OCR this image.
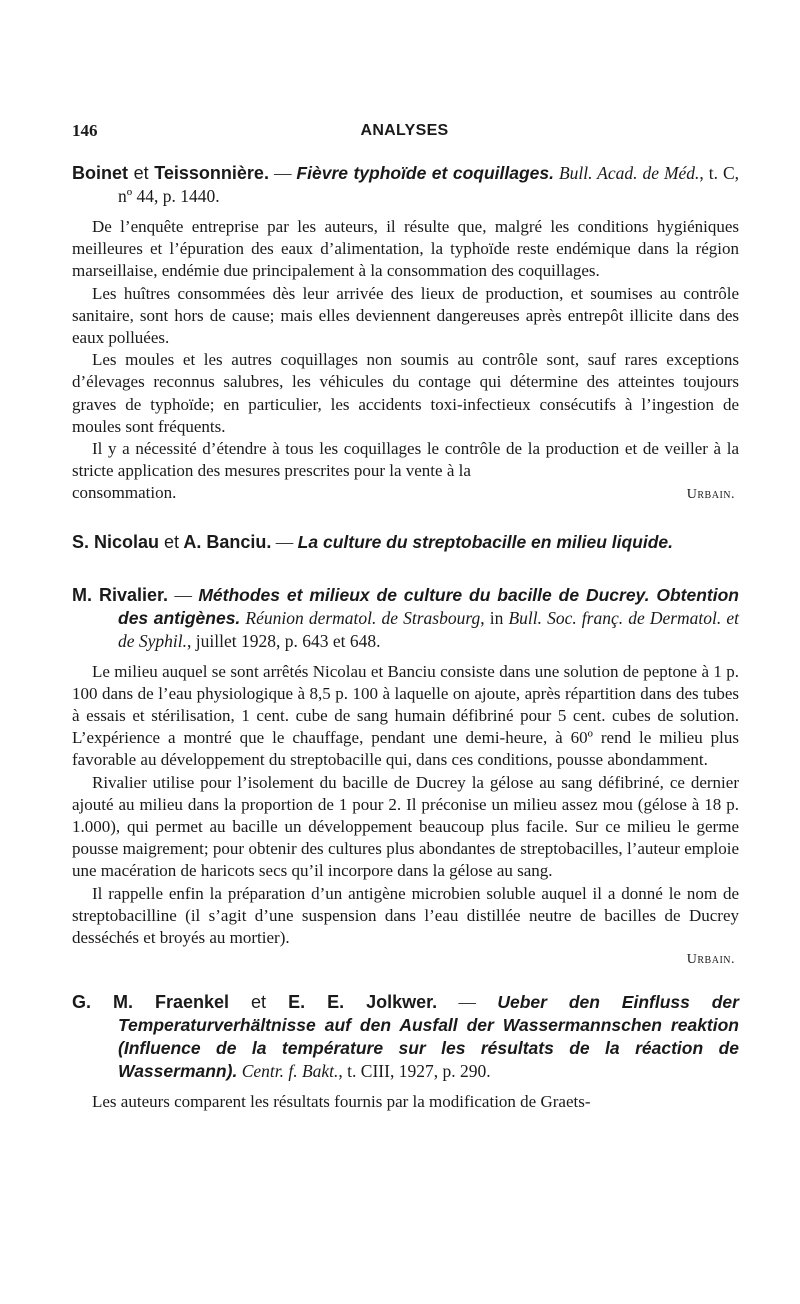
146	ANALYSES

Boinet et Teissonnière. — Fièvre typhoïde et coquillages. Bull. Acad. de Méd., t. C, nº 44, p. 1440.

De l’enquête entreprise par les auteurs, il résulte que, malgré les conditions hygiéniques meilleures et l’épuration des eaux d’alimentation, la typhoïde reste endémique dans la région marseillaise, endémie due principalement à la consommation des coquillages.

Les huîtres consommées dès leur arrivée des lieux de production, et soumises au contrôle sanitaire, sont hors de cause; mais elles deviennent dangereuses après entrepôt illicite dans des eaux polluées.

Les moules et les autres coquillages non soumis au contrôle sont, sauf rares exceptions d’élevages reconnus salubres, les véhicules du contage qui détermine des atteintes toujours graves de typhoïde; en particulier, les accidents toxi-infectieux consécutifs à l’ingestion de moules sont fréquents.

Il y a nécessité d’étendre à tous les coquillages le contrôle de la production et de veiller à la stricte application des mesures prescrites pour la vente à la

consommation.	Urbain.

S. Nicolau et A. Banciu. — La culture du streptobacille en milieu liquide.

M. Rivalier. — Méthodes et milieux de culture du bacille de Ducrey. Obtention des antigènes. Réunion dermatol. de Strasbourg, in Bull. Soc. franç. de Dermatol. et de Syphil., juillet 1928, p. 643 et 648.

Le milieu auquel se sont arrêtés Nicolau et Banciu consiste dans une solution de peptone à 1 p. 100 dans de l’eau physiologique à 8,5 p. 100 à laquelle on ajoute, après répartition dans des tubes à essais et stérilisation, 1 cent. cube de sang humain défibriné pour 5 cent. cubes de solution. L’expérience a montré que le chauffage, pendant une demi-heure, à 60º rend le milieu plus favorable au développement du streptobacille qui, dans ces conditions, pousse abondamment.

Rivalier utilise pour l’isolement du bacille de Ducrey la gélose au sang défibriné, ce dernier ajouté au milieu dans la proportion de 1 pour 2. Il préconise un milieu assez mou (gélose à 18 p. 1.000), qui permet au bacille un développement beaucoup plus facile. Sur ce milieu le germe pousse maigrement; pour obtenir des cultures plus abondantes de streptobacilles, l’auteur emploie une macération de haricots secs qu’il incorpore dans la gélose au sang.

Il rappelle enfin la préparation d’un antigène microbien soluble auquel il a donné le nom de streptobacilline (il s’agit d’une suspension dans l’eau distillée neutre de bacilles de Ducrey desséchés et broyés au mortier).

Urbain.

G. M. Fraenkel et E. E. Jolkwer. — Ueber den Einfluss der Temperaturverhältnisse auf den Ausfall der Wassermannschen reaktion (Influence de la température sur les résultats de la réaction de Wassermann). Centr. f. Bakt., t. CIII, 1927, p. 290.

Les auteurs comparent les résultats fournis par la modification de Graets-
